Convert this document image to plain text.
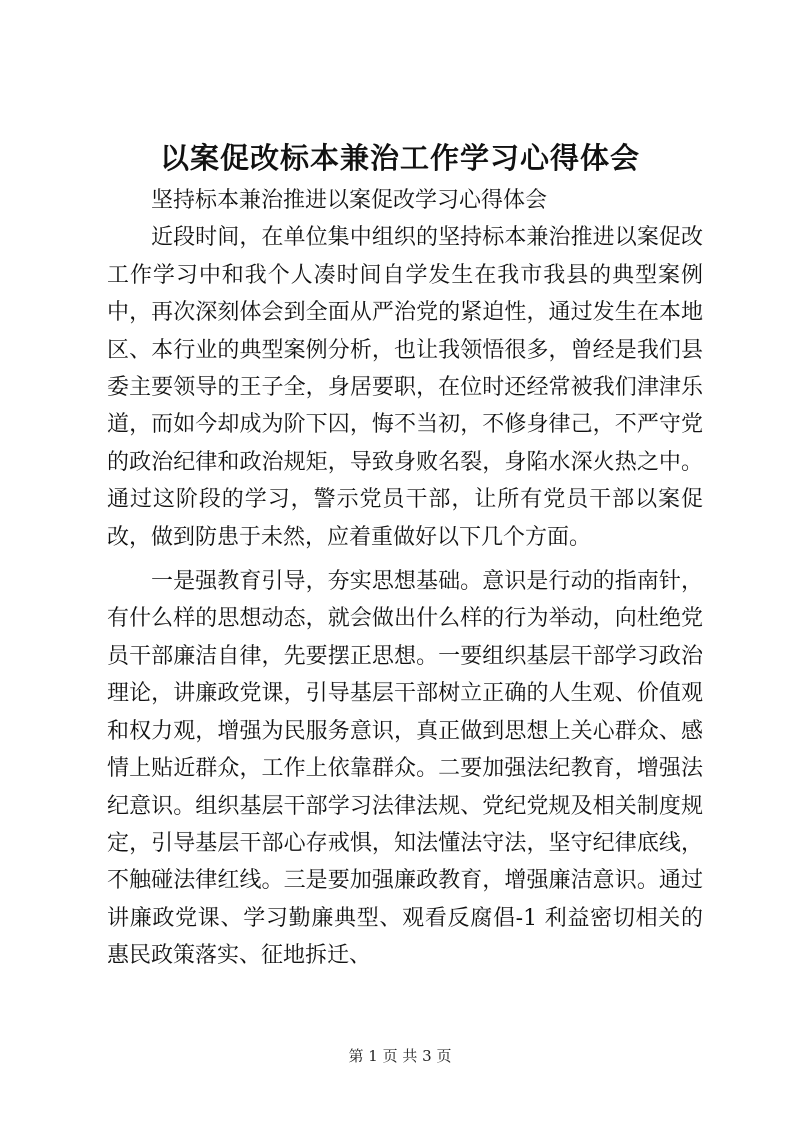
以案促改标本兼治工作学习心得体会

坚持标本兼治推进以案促改学习心得体会

近段时间，在单位集中组织的坚持标本兼治推进以案促改工作学习中和我个人凑时间自学发生在我市我县的典型案例中，再次深刻体会到全面从严治党的紧迫性，通过发生在本地区、本行业的典型案例分析，也让我领悟很多，曾经是我们县委主要领导的王子全，身居要职，在位时还经常被我们津津乐道，而如今却成为阶下囚，悔不当初，不修身律己，不严守党的政治纪律和政治规矩，导致身败名裂，身陷水深火热之中。通过这阶段的学习，警示党员干部，让所有党员干部以案促改，做到防患于未然，应着重做好以下几个方面。

一是强教育引导，夯实思想基础。意识是行动的指南针，有什么样的思想动态，就会做出什么样的行为举动，向杜绝党员干部廉洁自律，先要摆正思想。一要组织基层干部学习政治理论，讲廉政党课，引导基层干部树立正确的人生观、价值观和权力观，增强为民服务意识，真正做到思想上关心群众、感情上贴近群众，工作上依靠群众。二要加强法纪教育，增强法纪意识。组织基层干部学习法律法规、党纪党规及相关制度规定，引导基层干部心存戒惧，知法懂法守法，坚守纪律底线，不触碰法律红线。三是要加强廉政教育，增强廉洁意识。通过讲廉政党课、学习勤廉典型、观看反腐倡-1 利益密切相关的惠民政策落实、征地拆迁、

第 1 页 共 3 页
